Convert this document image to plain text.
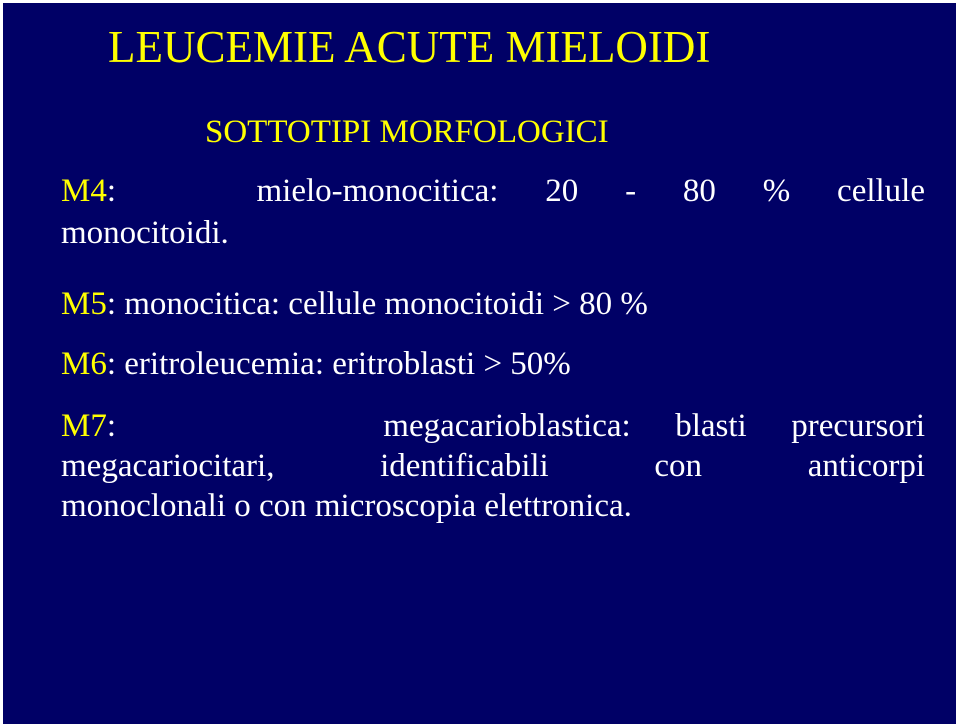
LEUCEMIE ACUTE MIELOIDI
SOTTOTIPI MORFOLOGICI

M4:   mielo-monocitica: 20 - 80 % cellule
monocitoidi.

M5: monocitica: cellule monocitoidi > 80 %

M6: eritroleucemia: eritroblasti > 50%

M7:      megacarioblastica: blasti precursori
megacariocitari, identificabili con anticorpi
monoclonali o con microscopia elettronica.
